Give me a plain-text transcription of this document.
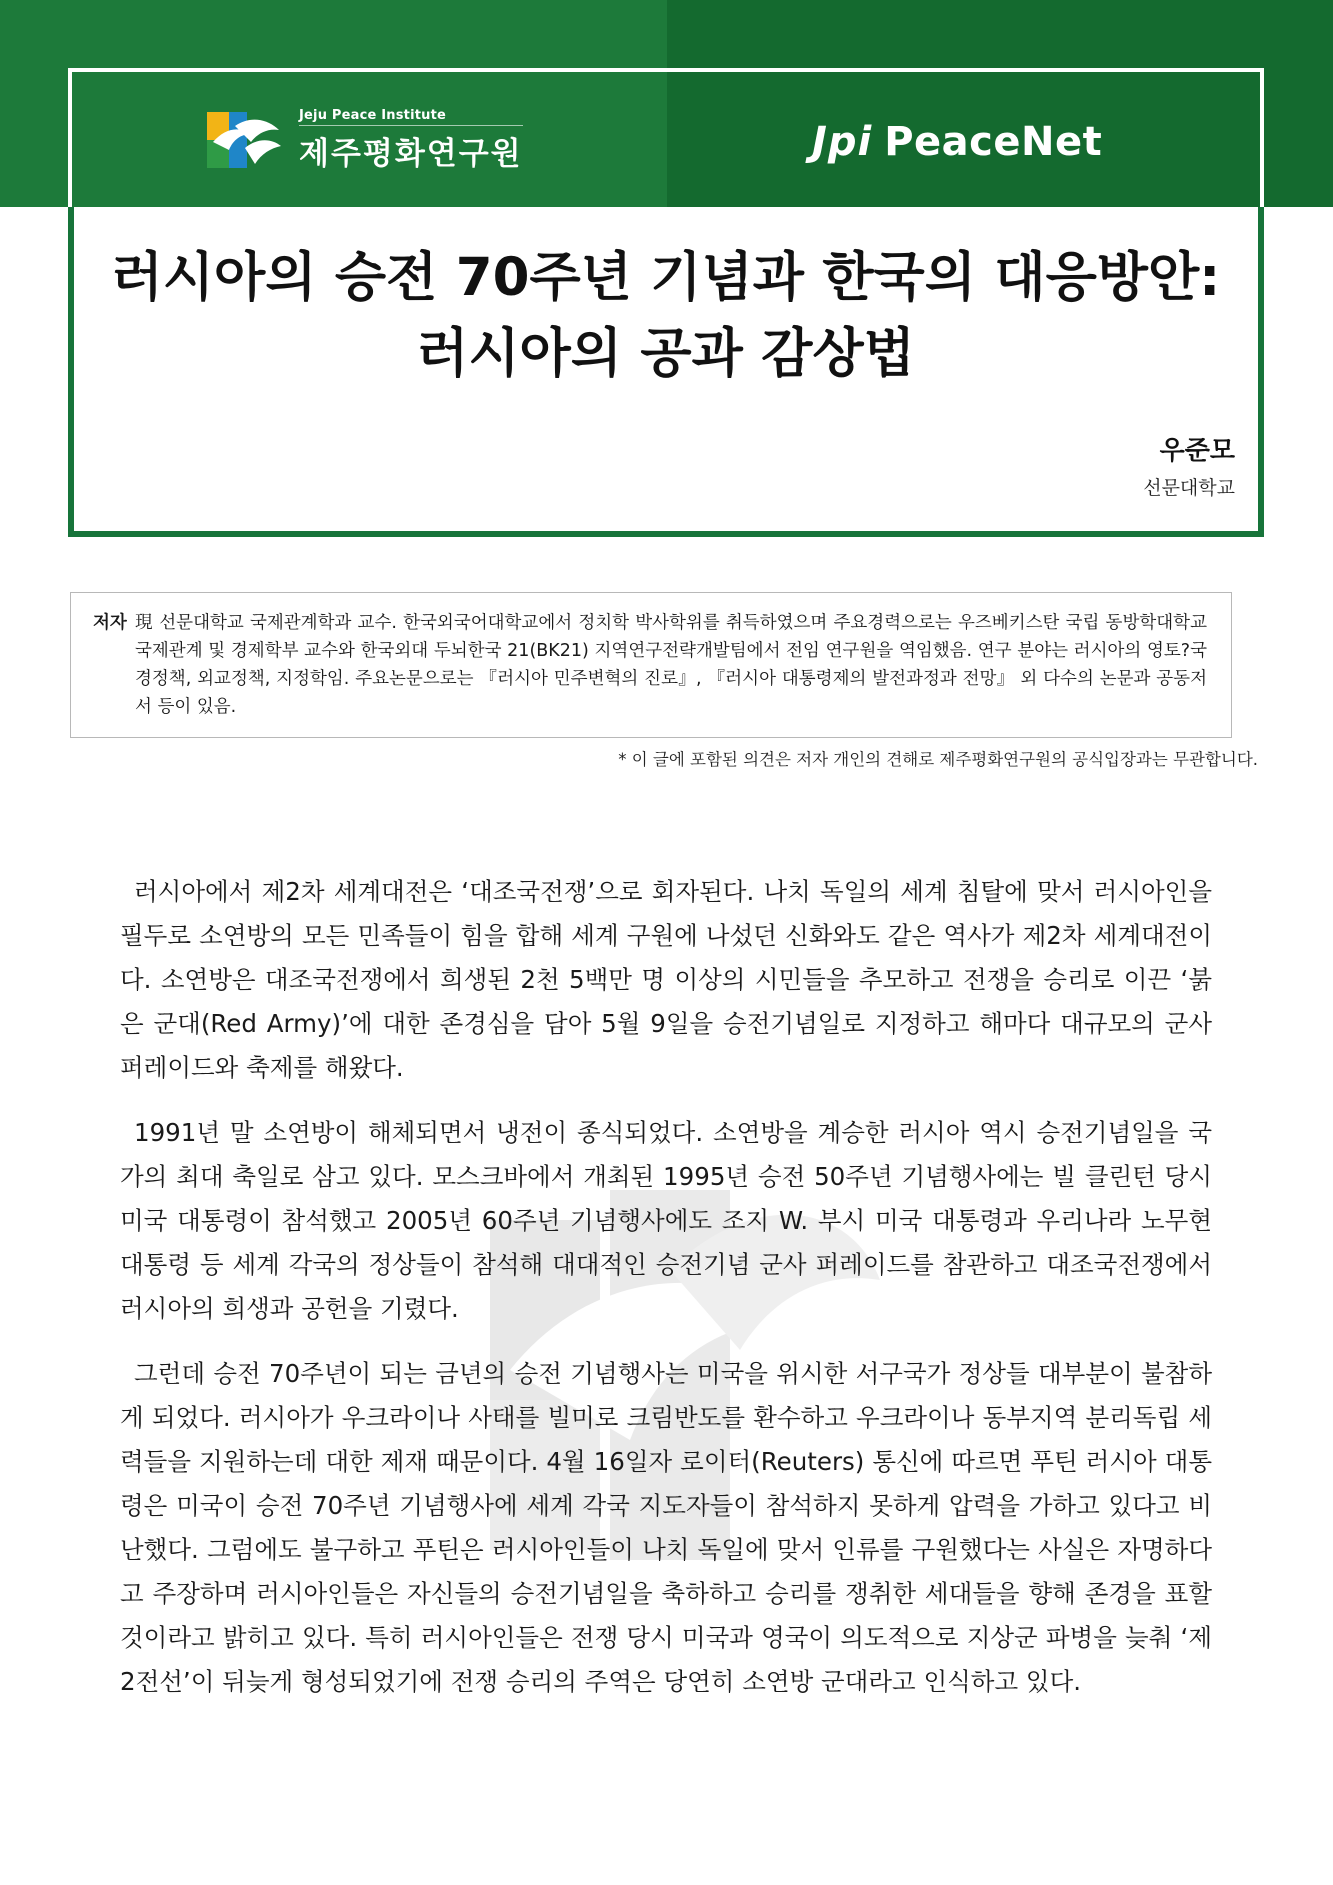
Jeju Peace Institute
제주평화연구원	Jpi PeaceNet
러시아의 승전 70주년 기념과 한국의 대응방안:
러시아의 공과 감상법
우준모
선문대학교
저자 現 선문대학교 국제관계학과 교수. 한국외국어대학교에서 정치학 박사학위를 취득하였으며 주요경력으로는 우즈베키스탄 국립 동방학대학교 국제관계 및 경제학부 교수와 한국외대 두뇌한국 21(BK21) 지역연구전략개발팀에서 전임 연구원을 역임했음. 연구 분야는 러시아의 영토?국경정책, 외교정책, 지정학임. 주요논문으로는 『러시아 민주변혁의 진로』, 『러시아 대통령제의 발전과정과 전망』 외 다수의 논문과 공동저서 등이 있음.
* 이 글에 포함된 의견은 저자 개인의 견해로 제주평화연구원의 공식입장과는 무관합니다.

러시아에서 제2차 세계대전은 ‘대조국전쟁’으로 회자된다. 나치 독일의 세계 침탈에 맞서 러시아인을 필두로 소연방의 모든 민족들이 힘을 합해 세계 구원에 나섰던 신화와도 같은 역사가 제2차 세계대전이다. 소연방은 대조국전쟁에서 희생된 2천 5백만 명 이상의 시민들을 추모하고 전쟁을 승리로 이끈 ‘붉은 군대(Red Army)’에 대한 존경심을 담아 5월 9일을 승전기념일로 지정하고 해마다 대규모의 군사 퍼레이드와 축제를 해왔다.

1991년 말 소연방이 해체되면서 냉전이 종식되었다. 소연방을 계승한 러시아 역시 승전기념일을 국가의 최대 축일로 삼고 있다. 모스크바에서 개최된 1995년 승전 50주년 기념행사에는 빌 클린턴 당시 미국 대통령이 참석했고 2005년 60주년 기념행사에도 조지 W. 부시 미국 대통령과 우리나라 노무현 대통령 등 세계 각국의 정상들이 참석해 대대적인 승전기념 군사 퍼레이드를 참관하고 대조국전쟁에서 러시아의 희생과 공헌을 기렸다.

그런데 승전 70주년이 되는 금년의 승전 기념행사는 미국을 위시한 서구국가 정상들 대부분이 불참하게 되었다. 러시아가 우크라이나 사태를 빌미로 크림반도를 환수하고 우크라이나 동부지역 분리독립 세력들을 지원하는데 대한 제재 때문이다. 4월 16일자 로이터(Reuters) 통신에 따르면 푸틴 러시아 대통령은 미국이 승전 70주년 기념행사에 세계 각국 지도자들이 참석하지 못하게 압력을 가하고 있다고 비난했다. 그럼에도 불구하고 푸틴은 러시아인들이 나치 독일에 맞서 인류를 구원했다는 사실은 자명하다고 주장하며 러시아인들은 자신들의 승전기념일을 축하하고 승리를 쟁취한 세대들을 향해 존경을 표할 것이라고 밝히고 있다. 특히 러시아인들은 전쟁 당시 미국과 영국이 의도적으로 지상군 파병을 늦춰 ‘제2전선’이 뒤늦게 형성되었기에 전쟁 승리의 주역은 당연히 소연방 군대라고 인식하고 있다.
